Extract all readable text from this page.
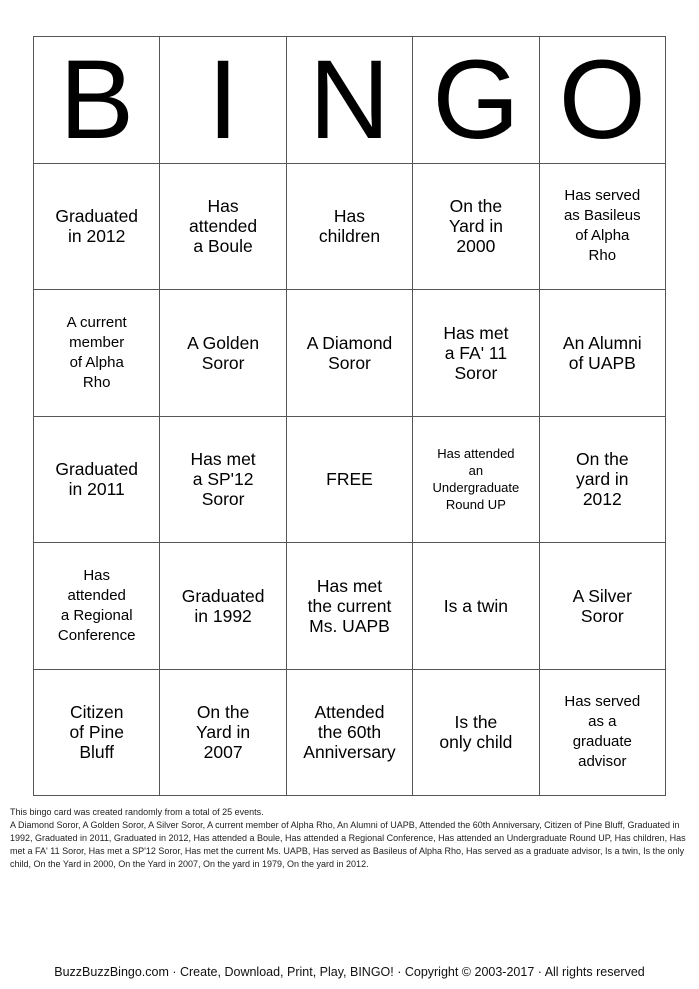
B I N G O
Graduated
in 2012
Has
attended
a Boule
Has
children
On the
Yard in
2000
Has served
as Basileus
of Alpha
Rho
A current
member
of Alpha
Rho
A Golden
Soror
A Diamond
Soror
Has met
a FA' 11
Soror
An Alumni
of UAPB
Graduated
in 2011
Has met
a SP'12
Soror
FREE
Has attended
an
Undergraduate
Round UP
On the
yard in
2012
Has
attended
a Regional
Conference
Graduated
in 1992
Has met
the current
Ms. UAPB
Is a twin	A Silver
Soror
Citizen
of Pine
Bluff
On the
Yard in
2007
Attended
the 60th
Anniversary
Is the
only child
Has served
as a
graduate
advisor
This bingo card was created randomly from a total of 25 events.
A Diamond Soror, A Golden Soror, A Silver Soror, A current member of Alpha Rho, An Alumni of UAPB, Attended the 60th Anniversary, Citizen of Pine Bluff, Graduated in 1992, Graduated in 2011, Graduated in 2012, Has attended a Boule, Has attended a Regional Conference, Has attended an Undergraduate Round UP, Has children, Has met a FA' 11 Soror, Has met a SP'12 Soror, Has met the current Ms. UAPB, Has served as Basileus of Alpha Rho, Has served as a graduate advisor, Is a twin, Is the only child, On the Yard in 2000, On the Yard in 2007, On the yard in 1979, On the yard in 2012.
BuzzBuzzBingo.com · Create, Download, Print, Play, BINGO! · Copyright © 2003-2017 · All rights reserved
